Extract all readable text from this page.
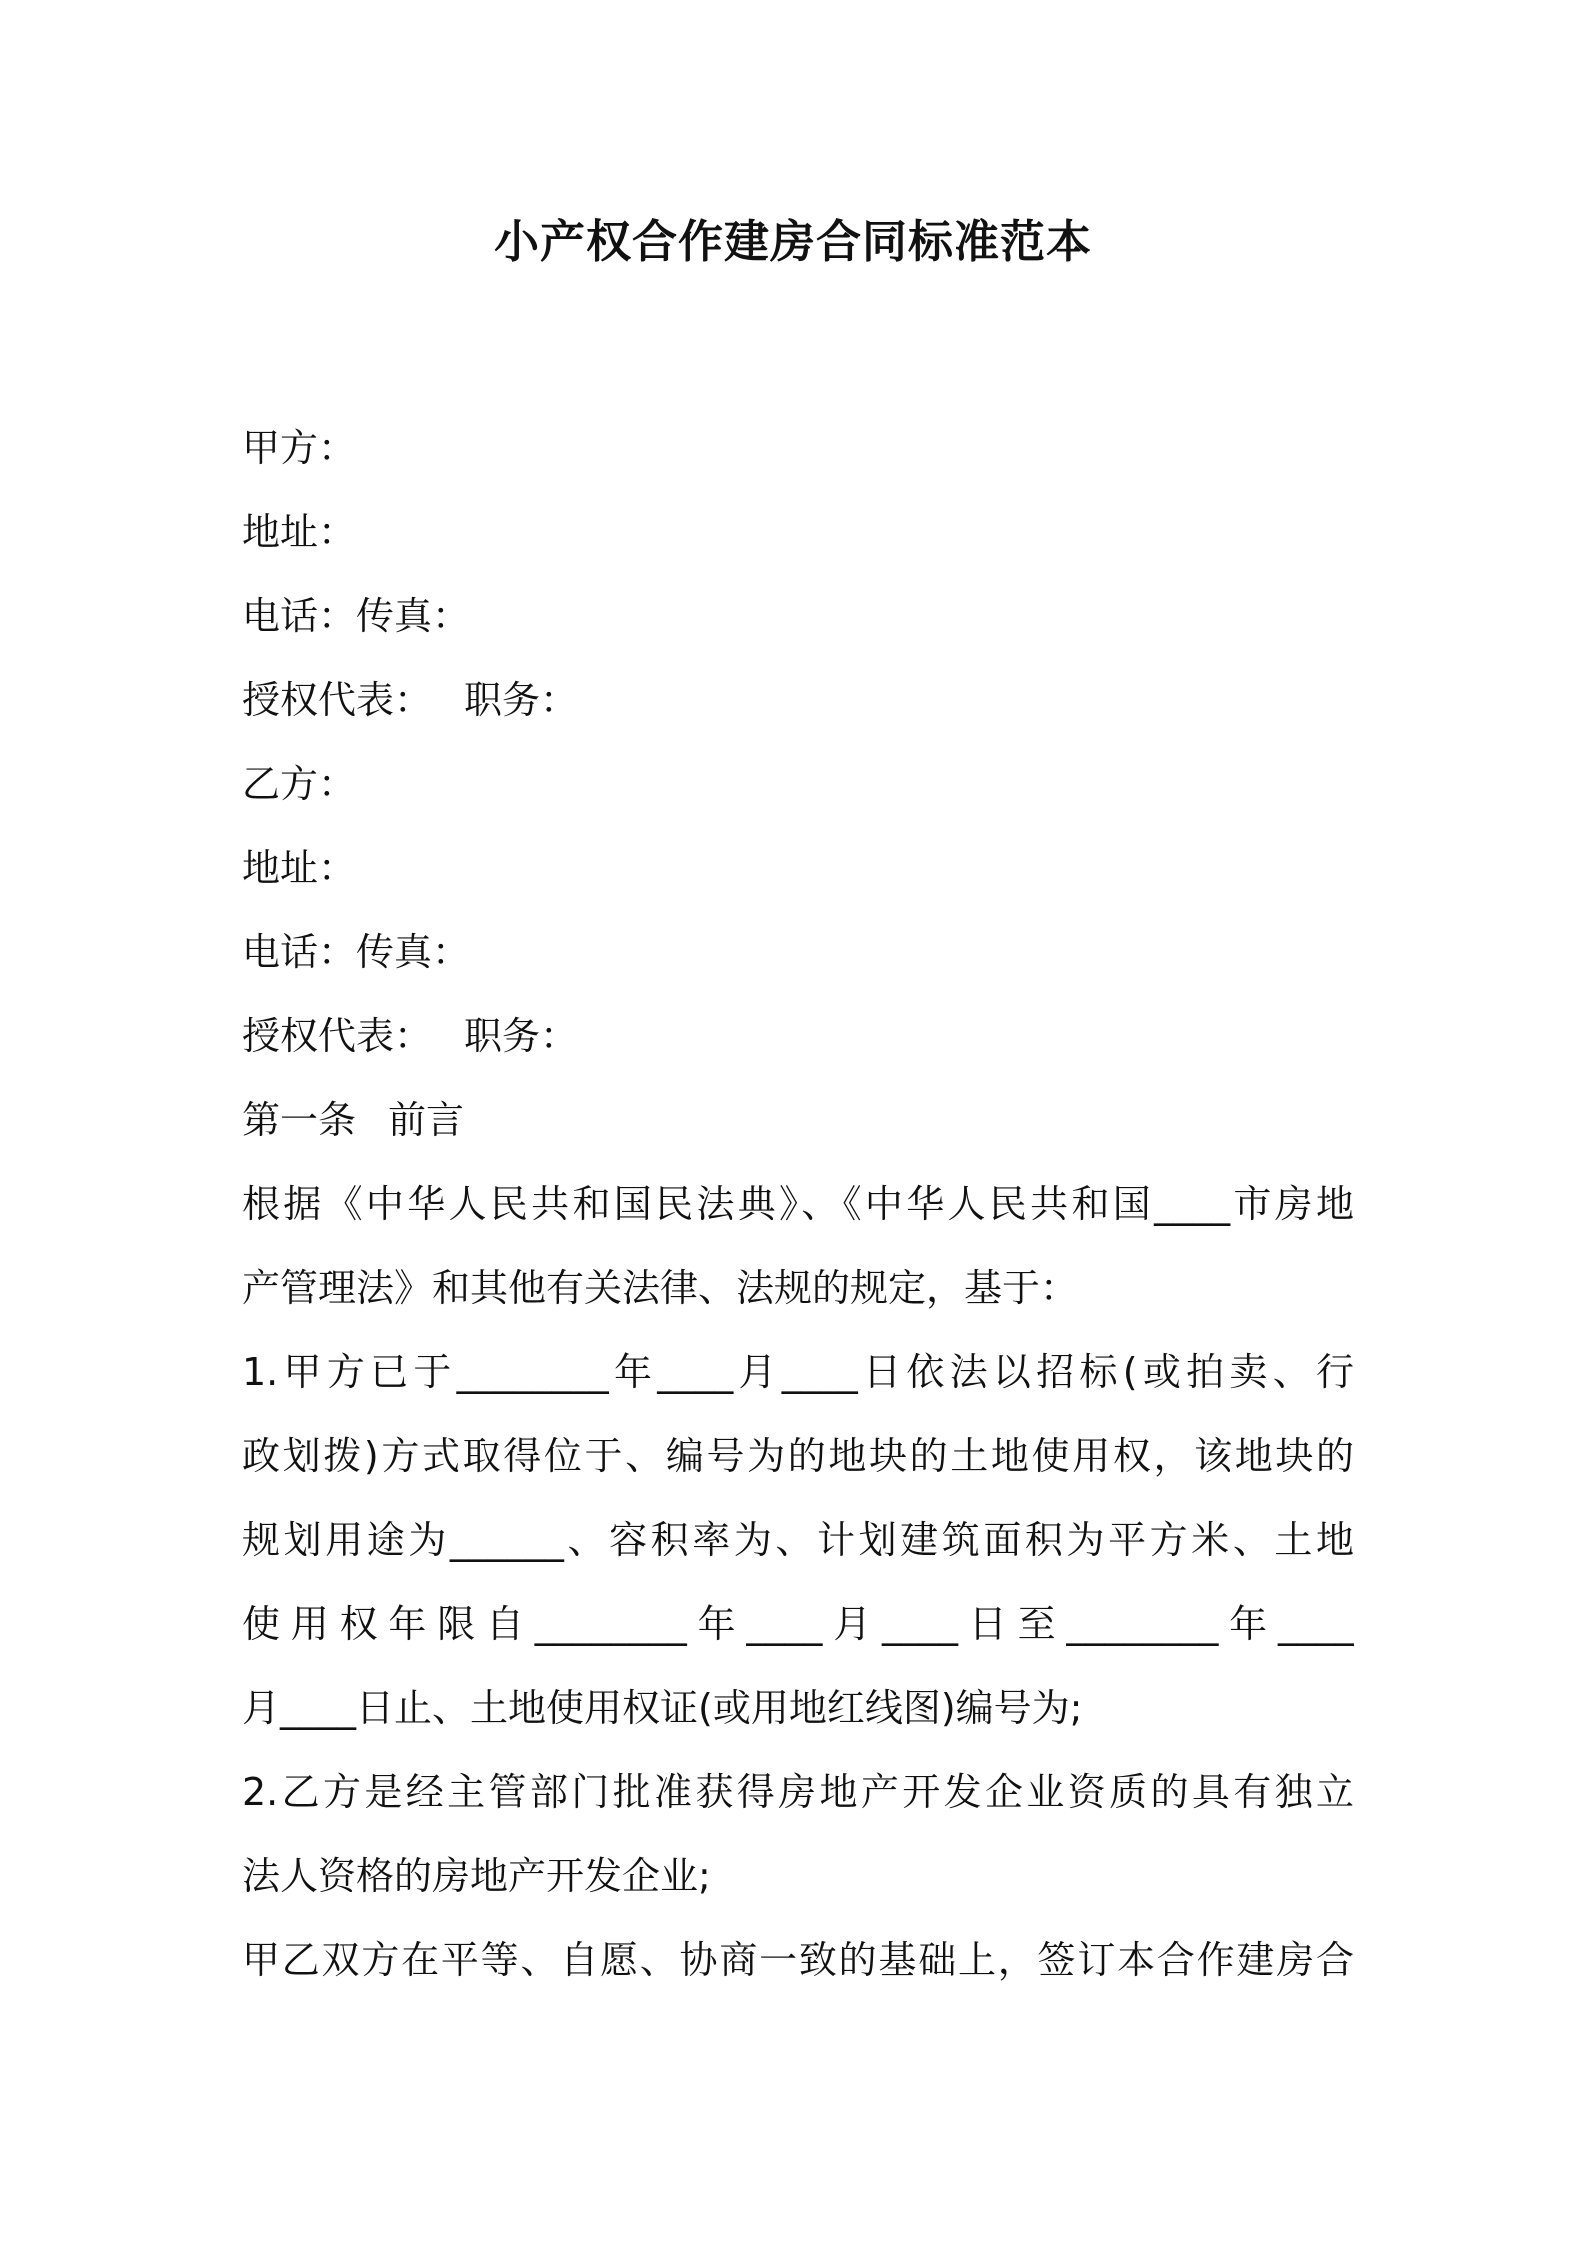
小产权合作建房合同标准范本
甲方：
地址：
电话：传真：
授权代表： 职务：
乙方：
地址：
电话：传真：
授权代表： 职务：
第一条 前言
根据《中华人民共和国民法典》、《中华人民共和国____市房地
产管理法》和其他有关法律、法规的规定，基于：
1.甲方已于________年____月____日依法以招标(或拍卖、行
政划拨)方式取得位于、编号为的地块的土地使用权，该地块的
规划用途为______、容积率为、计划建筑面积为平方米、土地
使用权年限自________年____月____日至________年____
月____日止、土地使用权证(或用地红线图)编号为;
2.乙方是经主管部门批准获得房地产开发企业资质的具有独立
法人资格的房地产开发企业;
甲乙双方在平等、自愿、协商一致的基础上，签订本合作建房合
